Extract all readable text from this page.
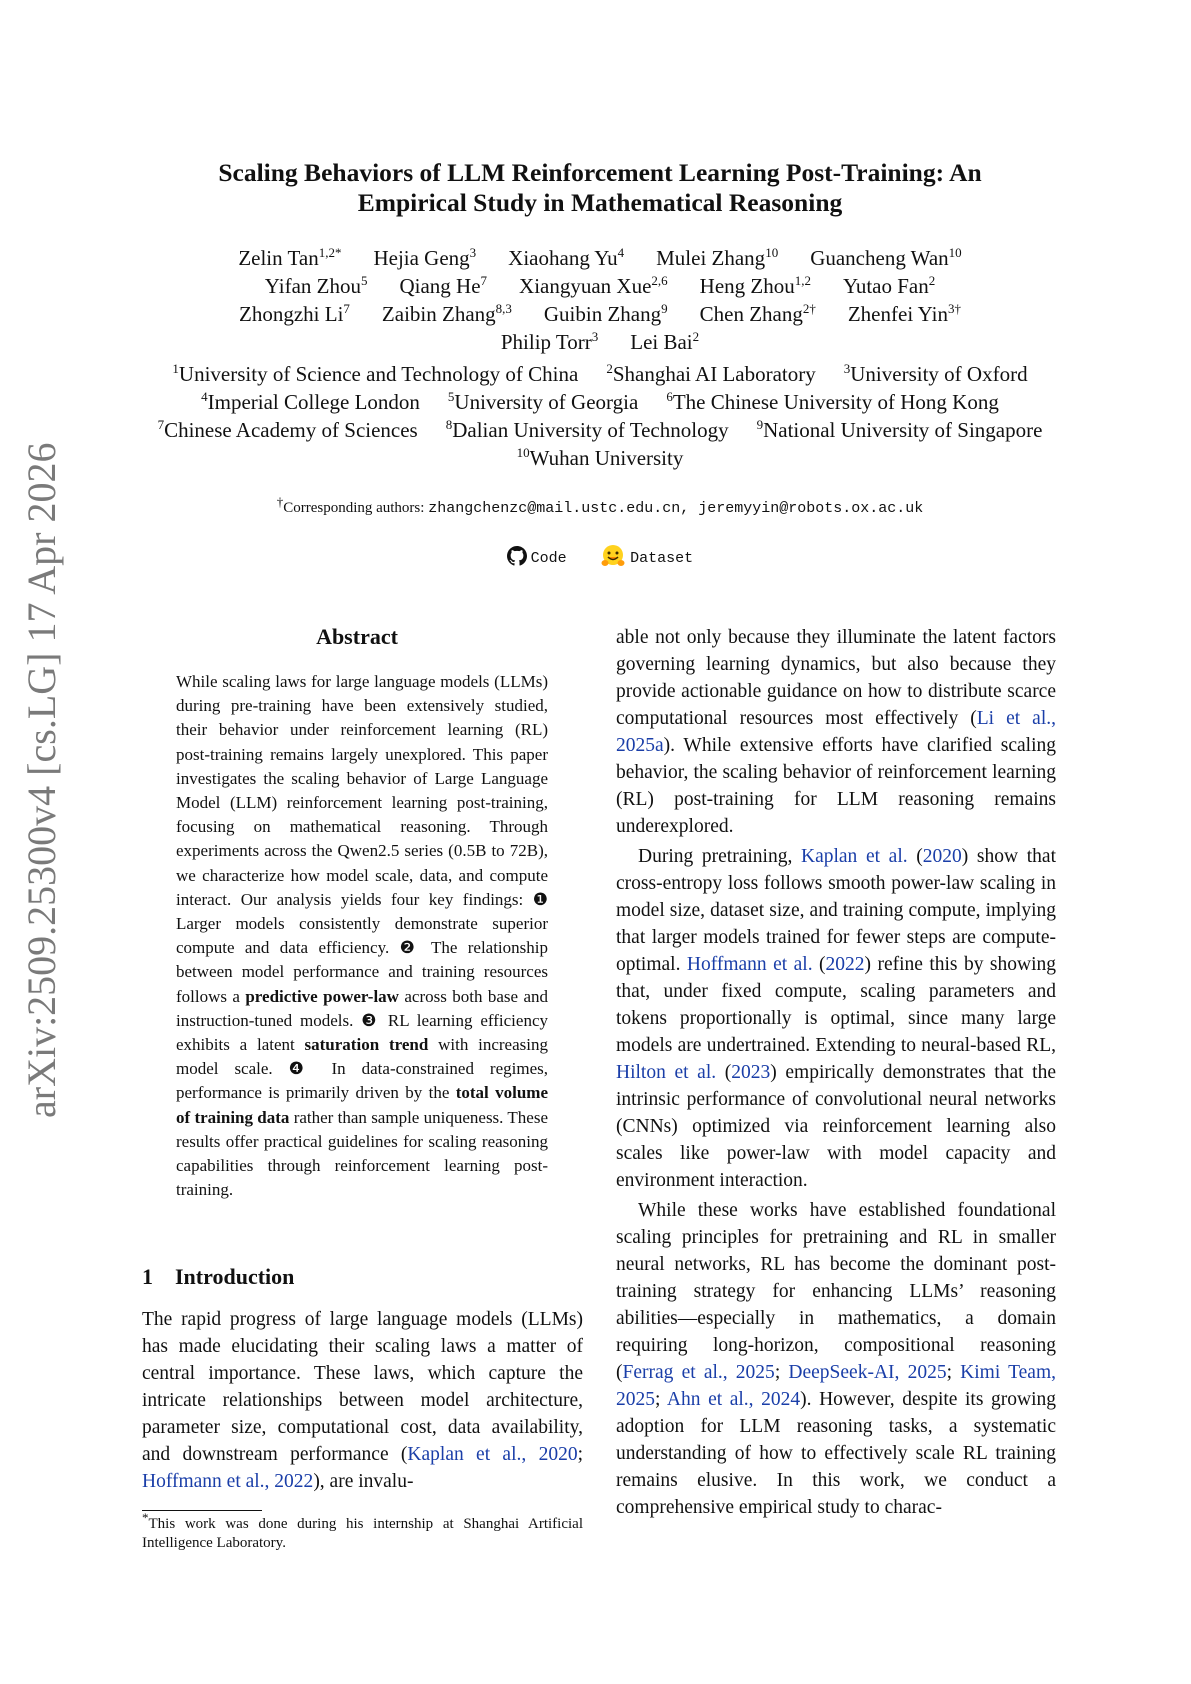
arXiv:2509.25300v4 [cs.LG] 17 Apr 2026
Scaling Behaviors of LLM Reinforcement Learning Post-Training: An
Empirical Study in Mathematical Reasoning
Zelin Tan$^{1,2*}$ Hejia Geng$^3$ Xiaohang Yu$^4$ Mulei Zhang$^{10}$ Guancheng Wan$^{10}$
Yifan Zhou$^5$ Qiang He$^7$ Xiangyuan Xue$^{2,6}$ Heng Zhou$^{1,2}$ Yutao Fan$^2$
Zhongzhi Li$^7$ Zaibin Zhang$^{8,3}$ Guibin Zhang$^9$ Chen Zhang$^{2\dagger}$ Zhenfei Yin$^{3\dagger}$
Philip Torr$^3$ Lei Bai$^2$
$^1$University of Science and Technology of China $^2$Shanghai AI Laboratory $^3$University of Oxford
$^4$Imperial College London $^5$University of Georgia $^6$The Chinese University of Hong Kong
$^7$Chinese Academy of Sciences $^8$Dalian University of Technology $^9$National University of Singapore
$^{10}$Wuhan University
†Corresponding authors: zhangchenzc@mail.ustc.edu.cn, jeremyyin@robots.ox.ac.uk
Code	Dataset
Abstract
While scaling laws for large language models (LLMs) during pre-training have been extensively studied, their behavior under reinforcement learning (RL) post-training remains largely unexplored. This paper investigates the scaling behavior of Large Language Model (LLM) reinforcement learning post-training, focusing on mathematical reasoning. Through experiments across the Qwen2.5 series (0.5B to 72B), we characterize how model scale, data, and compute interact. Our analysis yields four key findings: ❶ Larger models consistently demonstrate superior compute and data efficiency. ❷ The relationship between model performance and training resources follows a predictive power-law across both base and instruction-tuned models. ❸ RL learning efficiency exhibits a latent saturation trend with increasing model scale. ❹ In data-constrained regimes, performance is primarily driven by the total volume of training data rather than sample uniqueness. These results offer practical guidelines for scaling reasoning capabilities through reinforcement learning post-training.
1    Introduction
The rapid progress of large language models (LLMs) has made elucidating their scaling laws a matter of central importance. These laws, which capture the intricate relationships between model architecture, parameter size, computational cost, data availability, and downstream performance (Kaplan et al., 2020; Hoffmann et al., 2022), are invalu-
*This work was done during his internship at Shanghai Artificial Intelligence Laboratory.

able not only because they illuminate the latent factors governing learning dynamics, but also because they provide actionable guidance on how to distribute scarce computational resources most effectively (Li et al., 2025a). While extensive efforts have clarified scaling behavior, the scaling behavior of reinforcement learning (RL) post-training for LLM reasoning remains underexplored.

During pretraining, Kaplan et al. (2020) show that cross-entropy loss follows smooth power-law scaling in model size, dataset size, and training compute, implying that larger models trained for fewer steps are compute-optimal. Hoffmann et al. (2022) refine this by showing that, under fixed compute, scaling parameters and tokens proportionally is optimal, since many large models are undertrained. Extending to neural-based RL, Hilton et al. (2023) empirically demonstrates that the intrinsic performance of convolutional neural networks (CNNs) optimized via reinforcement learning also scales like power-law with model capacity and environment interaction.

While these works have established foundational scaling principles for pretraining and RL in smaller neural networks, RL has become the dominant post-training strategy for enhancing LLMs’ reasoning abilities—especially in mathematics, a domain requiring long-horizon, compositional reasoning (Ferrag et al., 2025; DeepSeek-AI, 2025; Kimi Team, 2025; Ahn et al., 2024). However, despite its growing adoption for LLM reasoning tasks, a systematic understanding of how to effectively scale RL training remains elusive. In this work, we conduct a comprehensive empirical study to charac-
